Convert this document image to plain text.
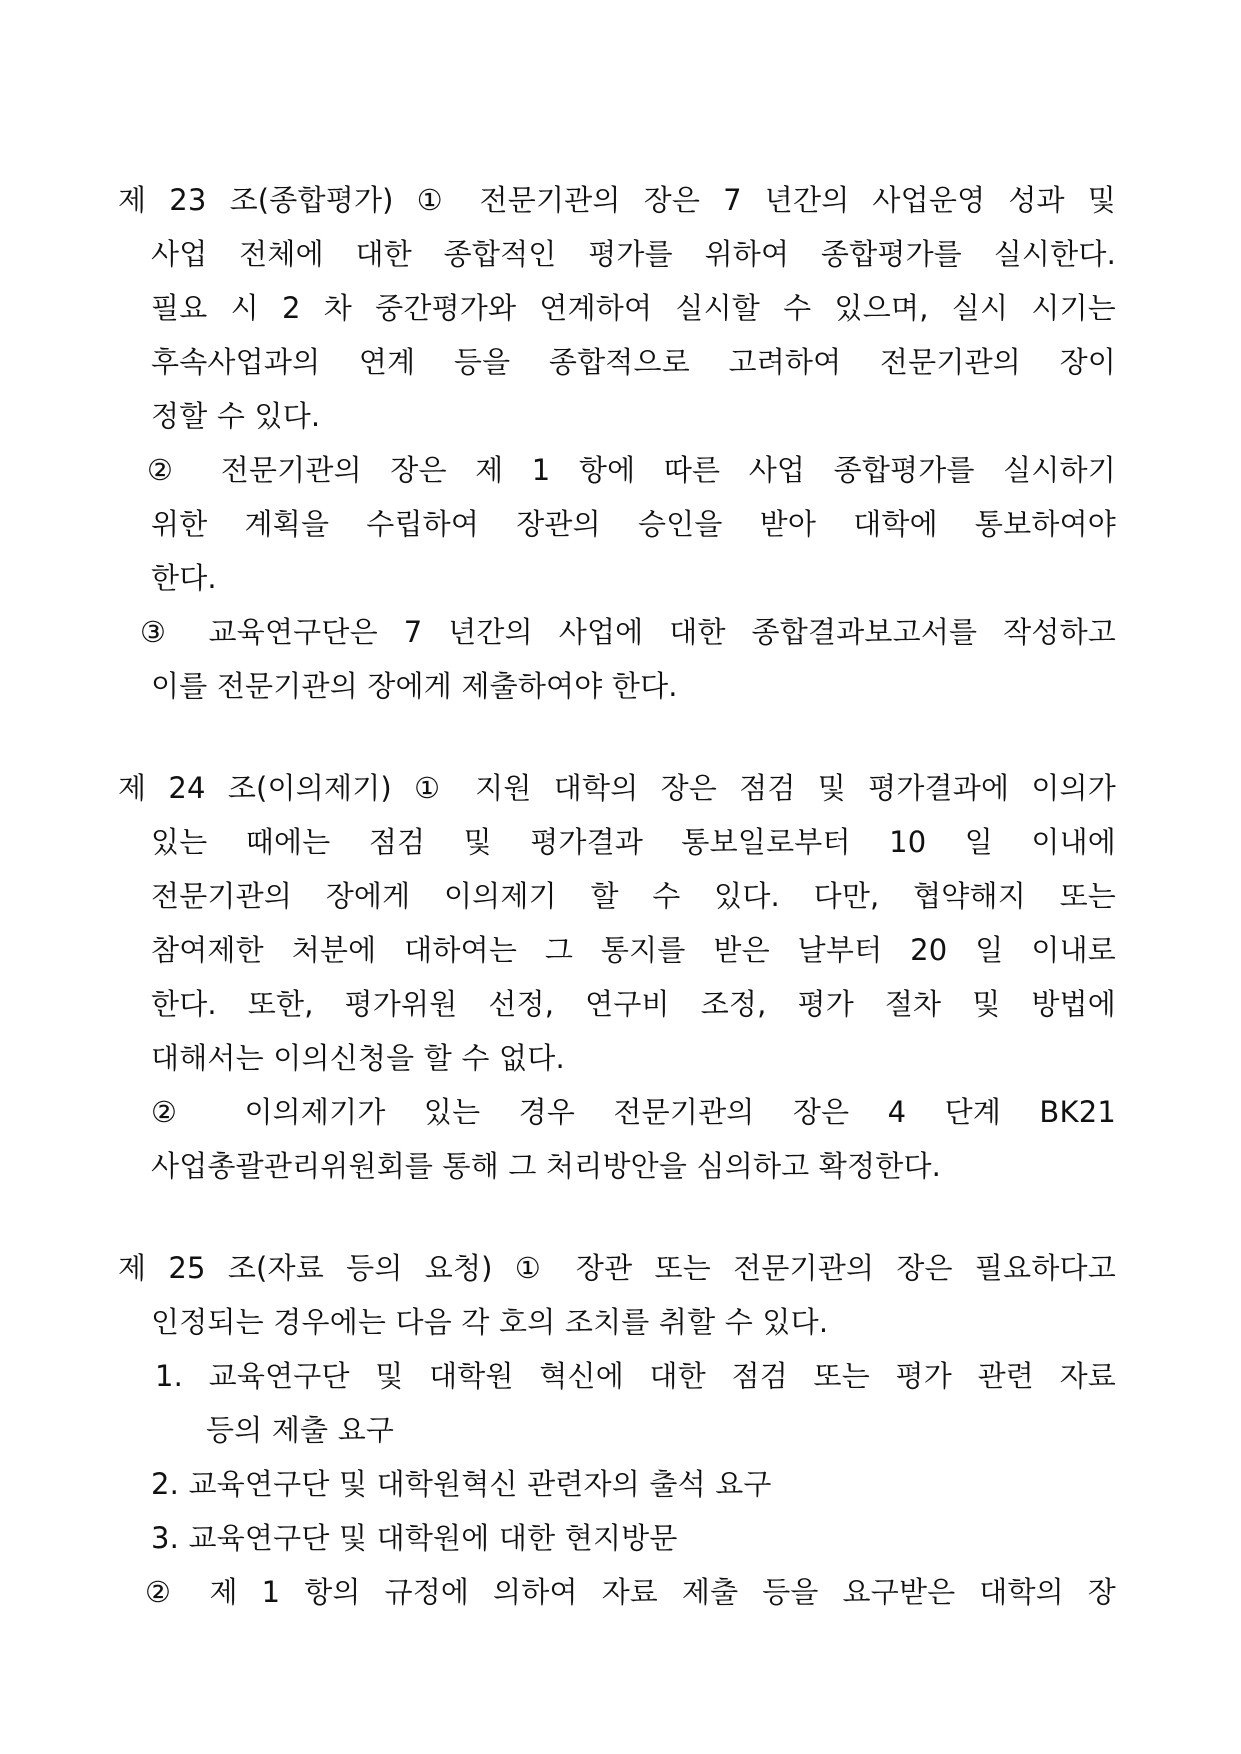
제 23 조(종합평가) ① 전문기관의 장은 7 년간의 사업운영 성과 및
사업 전체에 대한 종합적인 평가를 위하여 종합평가를 실시한다.
필요 시 2 차 중간평가와 연계하여 실시할 수 있으며, 실시 시기는
후속사업과의 연계 등을 종합적으로 고려하여 전문기관의 장이
정할 수 있다.
② 전문기관의 장은 제 1 항에 따른 사업 종합평가를 실시하기
위한 계획을 수립하여 장관의 승인을 받아 대학에 통보하여야
한다.
③ 교육연구단은 7 년간의 사업에 대한 종합결과보고서를 작성하고
이를 전문기관의 장에게 제출하여야 한다.
제 24 조(이의제기) ① 지원 대학의 장은 점검 및 평가결과에 이의가
있는 때에는 점검 및 평가결과 통보일로부터 10 일 이내에
전문기관의 장에게 이의제기 할 수 있다. 다만, 협약해지 또는
참여제한 처분에 대하여는 그 통지를 받은 날부터 20 일 이내로
한다. 또한, 평가위원 선정, 연구비 조정, 평가 절차 및 방법에
대해서는 이의신청을 할 수 없다.
② 이의제기가 있는 경우 전문기관의 장은 4 단계 BK21
사업총괄관리위원회를 통해 그 처리방안을 심의하고 확정한다.
제 25 조(자료 등의 요청) ① 장관 또는 전문기관의 장은 필요하다고
인정되는 경우에는 다음 각 호의 조치를 취할 수 있다.
1. 교육연구단 및 대학원 혁신에 대한 점검 또는 평가 관련 자료
등의 제출 요구
2. 교육연구단 및 대학원혁신 관련자의 출석 요구
3. 교육연구단 및 대학원에 대한 현지방문
② 제 1 항의 규정에 의하여 자료 제출 등을 요구받은 대학의 장
